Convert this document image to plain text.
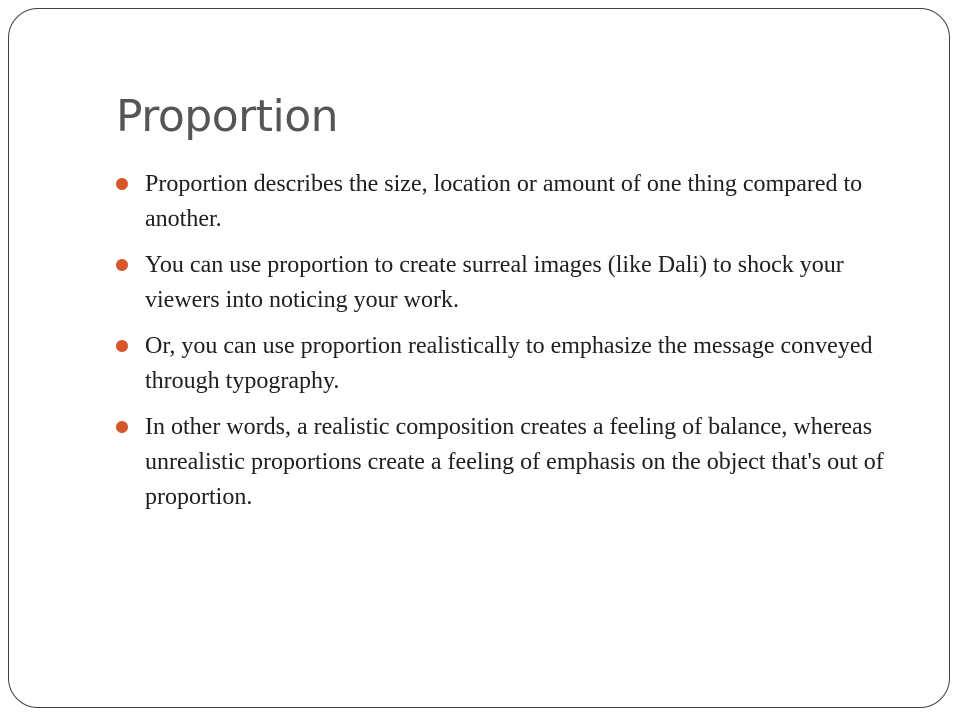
Proportion
Proportion describes the size, location or amount of one thing compared to another.
You can use proportion to create surreal images (like Dali) to shock your viewers into noticing your work.
Or, you can use proportion realistically to emphasize the message conveyed through typography.
In other words, a realistic composition creates a feeling of balance, whereas unrealistic proportions create a feeling of emphasis on the object that's out of proportion.
